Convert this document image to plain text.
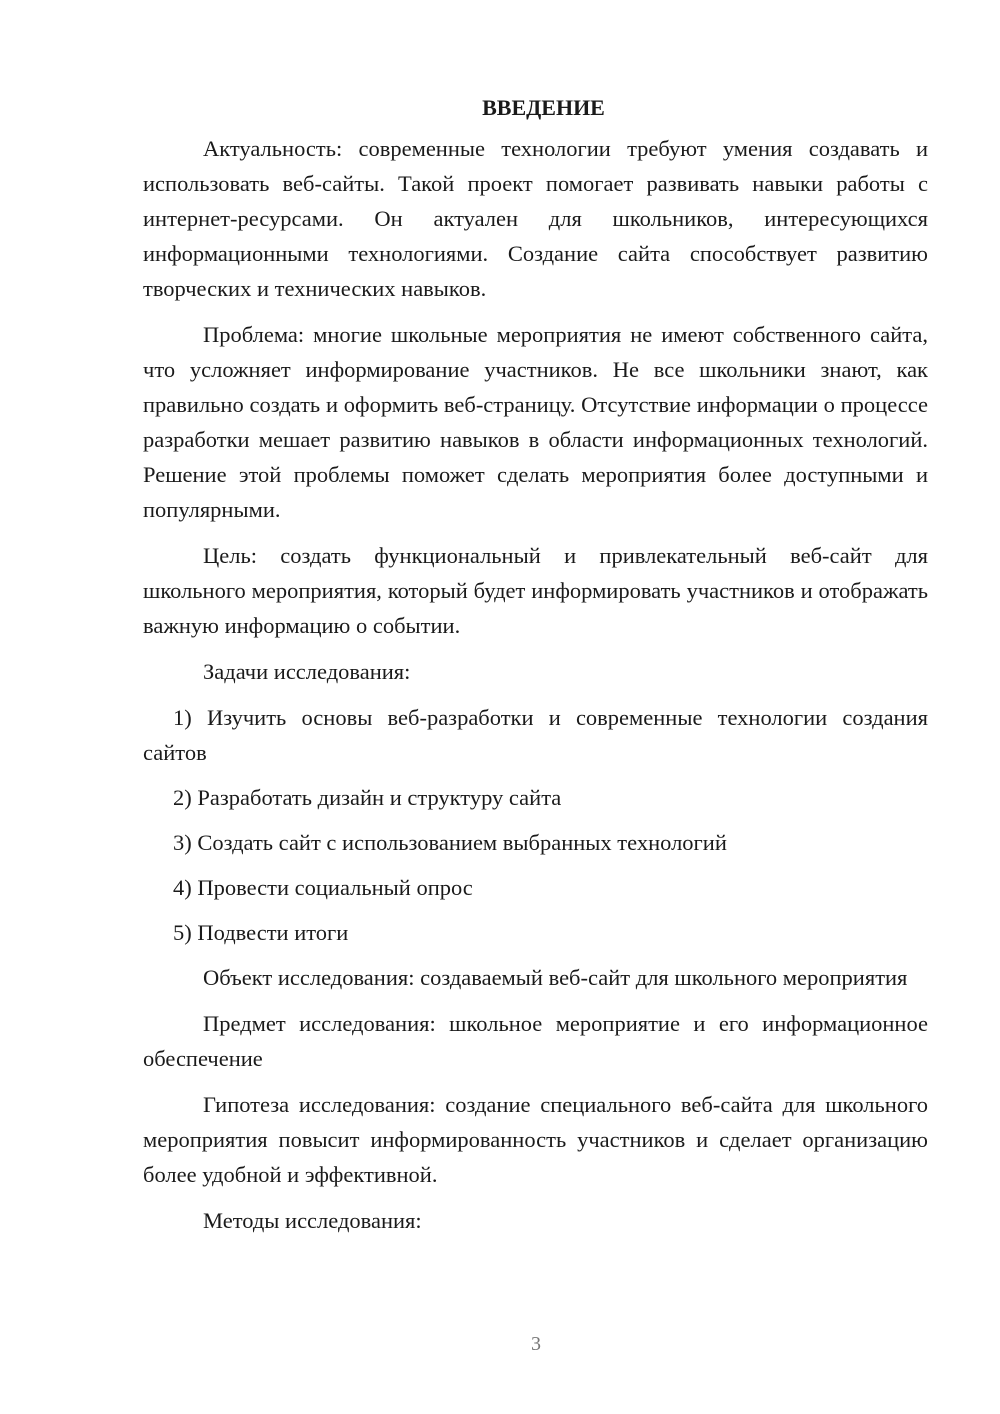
ВВЕДЕНИЕ

Актуальность: современные технологии требуют умения создавать и использовать веб-сайты. Такой проект помогает развивать навыки работы с интернет-ресурсами. Он актуален для школьников, интересующихся информационными технологиями. Создание сайта способствует развитию творческих и технических навыков.

Проблема: многие школьные мероприятия не имеют собственного сайта, что усложняет информирование участников. Не все школьники знают, как правильно создать и оформить веб-страницу. Отсутствие информации о процессе разработки мешает развитию навыков в области информационных технологий. Решение этой проблемы поможет сделать мероприятия более доступными и популярными.

Цель: создать функциональный и привлекательный веб-сайт для школьного мероприятия, который будет информировать участников и отображать важную информацию о событии.

Задачи исследования:

1) Изучить основы веб-разработки и современные технологии создания сайтов

2) Разработать дизайн и структуру сайта

3) Создать сайт с использованием выбранных технологий

4) Провести социальный опрос

5) Подвести итоги

Объект исследования: создаваемый веб-сайт для школьного мероприятия

Предмет исследования: школьное мероприятие и его информационное обеспечение

Гипотеза исследования: создание специального веб-сайта для школьного мероприятия повысит информированность участников и сделает организацию более удобной и эффективной.

Методы исследования:

3
